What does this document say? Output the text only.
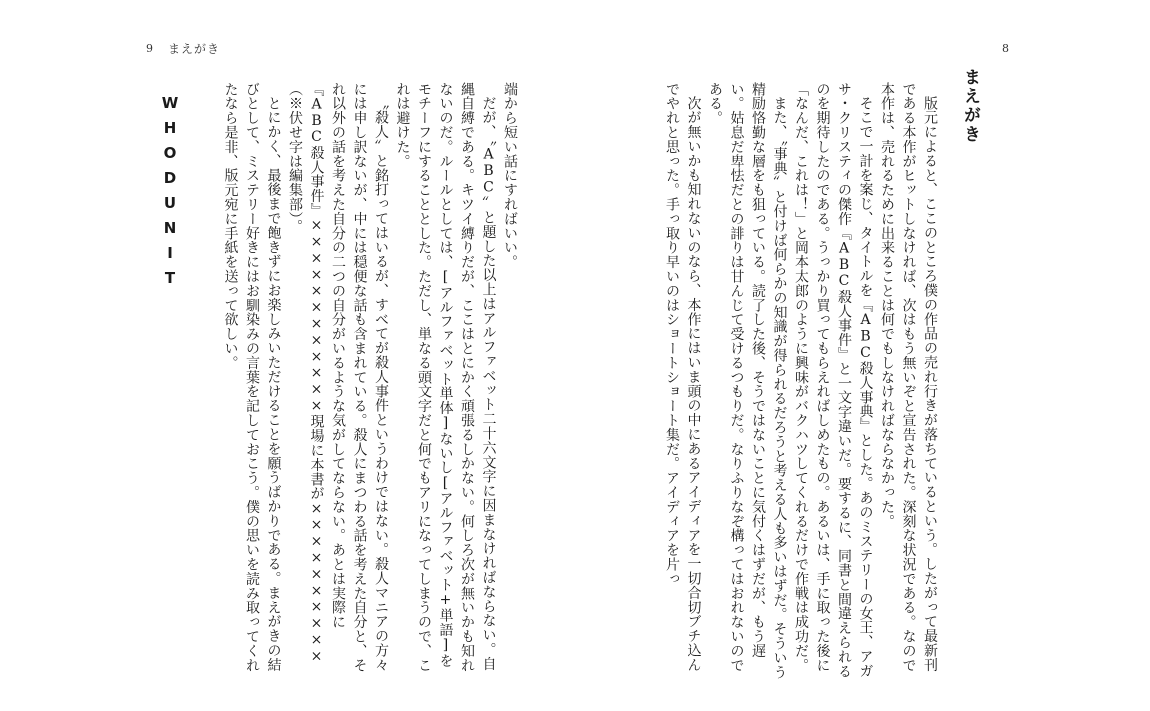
9 まえがき	8
まえがき

版元によると、ここのところ僕の作品の売れ行きが落ちているという。したがって最新刊である本作がヒットしなければ、次はもう無いぞと宣告された。深刻な状況である。なので本作は、売れるために出来ることは何でもしなければならなかった。

そこで一計を案じ、タイトルを『ABC殺人事典』とした。あのミステリーの女王、アガサ・クリスティの傑作『ABC殺人事件』と一文字違いだ。要するに、同書と間違えられるのを期待したのである。うっかり買ってもらえればしめたもの。あるいは、手に取った後に「なんだ、これは！」と岡本太郎のように興味がバクハツしてくれるだけで作戦は成功だ。

また、〝事典〟と付けば何らかの知識が得られるだろうと考える人も多いはずだ。そういう精励恪勤な層をも狙っている。読了した後、そうではないことに気付くはずだが、もう遅い。姑息だ卑怯だとの誹りは甘んじて受けるつもりだ。なりふりなぞ構ってはおれないのである。

次が無いかも知れないのなら、本作にはいま頭の中にあるアイディアを一切合切ブチ込んでやれと思った。手っ取り早いのはショートショート集だ。アイディアを片っ

端から短い話にすればいい。

だが、〝ABC〟と題した以上はアルファベット二十六文字に因まなければならない。自縄自縛である。キツイ縛りだが、ここはとにかく頑張るしかない。何しろ次が無いかも知れないのだ。ルールとしては、[アルファベット単体]ないし[アルファベット+単語]をモチーフにすることとした。ただし、単なる頭文字だと何でもアリになってしまうので、これは避けた。

〝殺人〟と銘打ってはいるが、すべてが殺人事件というわけではない。殺人マニアの方々には申し訳ないが、中には穏便な話も含まれている。殺人にまつわる話を考えた自分と、それ以外の話を考えた自分の二つの自分がいるような気がしてならない。あとは実際に『ABC殺人事件』××××××××××××現場に本書が××××××××××（※伏せ字は編集部）。

とにかく、最後まで飽きずにお楽しみいただけることを願うばかりである。まえがきの結びとして、ミステリー好きにはお馴染みの言葉を記しておこう。僕の思いを読み取ってくれたなら是非、版元宛に手紙を送って欲しい。

WHODUNIT
